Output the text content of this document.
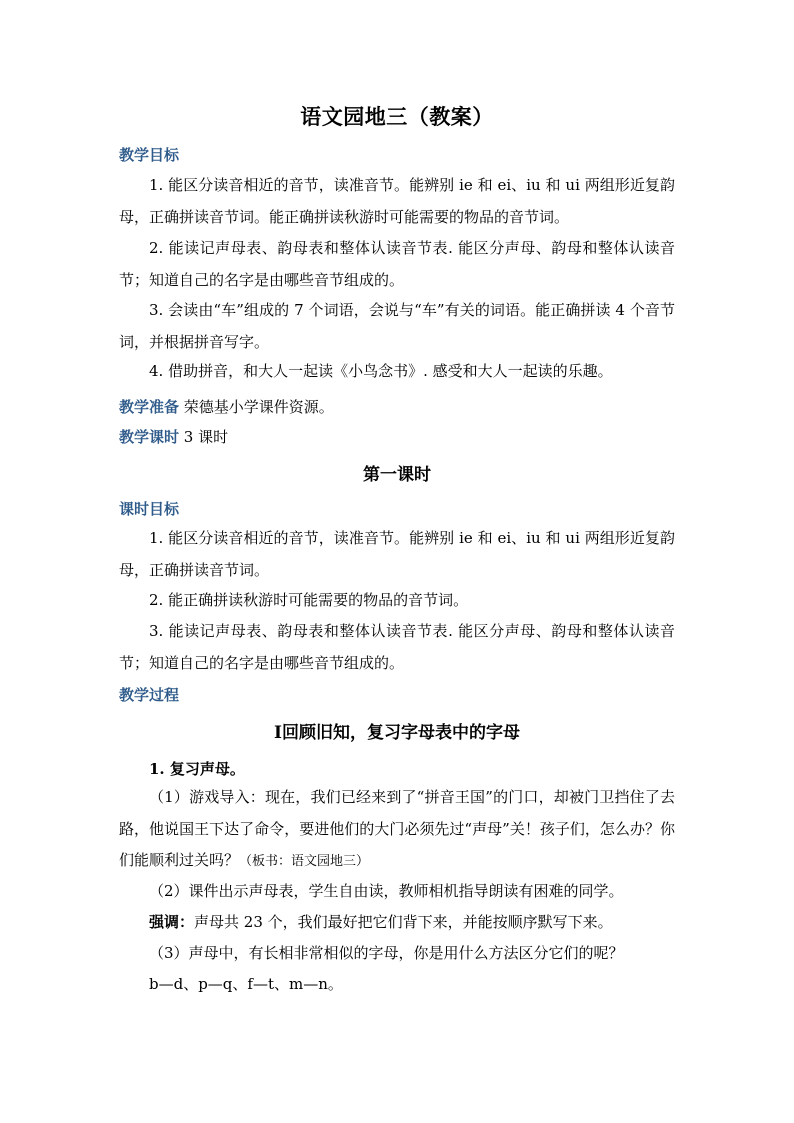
语文园地三（教案）
教学目标
1. 能区分读音相近的音节，读准音节。能辨别 ie 和 ei、iu 和 ui 两组形近复韵母，正确拼读音节词。能正确拼读秋游时可能需要的物品的音节词。
2. 能读记声母表、韵母表和整体认读音节表. 能区分声母、韵母和整体认读音节；知道自己的名字是由哪些音节组成的。
3. 会读由“车”组成的 7 个词语，会说与“车”有关的词语。能正确拼读 4 个音节词，并根据拼音写字。
4. 借助拼音，和大人一起读《小鸟念书》. 感受和大人一起读的乐趣。
教学准备 荣德基小学课件资源。
教学课时 3 课时
第一课时
课时目标
1. 能区分读音相近的音节，读准音节。能辨别 ie 和 ei、iu 和 ui 两组形近复韵母，正确拼读音节词。
2. 能正确拼读秋游时可能需要的物品的音节词。
3. 能读记声母表、韵母表和整体认读音节表. 能区分声母、韵母和整体认读音节；知道自己的名字是由哪些音节组成的。
教学过程
Ⅰ回顾旧知，复习字母表中的字母
1. 复习声母。
（1）游戏导入：现在，我们已经来到了“拼音王国”的门口，却被门卫挡住了去路，他说国王下达了命令，要进他们的大门必须先过“声母”关！孩子们，怎么办？你们能顺利过关吗？（板书：语文园地三）
（2）课件出示声母表，学生自由读，教师相机指导朗读有困难的同学。
强调：声母共 23 个，我们最好把它们背下来，并能按顺序默写下来。
（3）声母中，有长相非常相似的字母，你是用什么方法区分它们的呢？
b—d、p—q、f—t、m—n。
